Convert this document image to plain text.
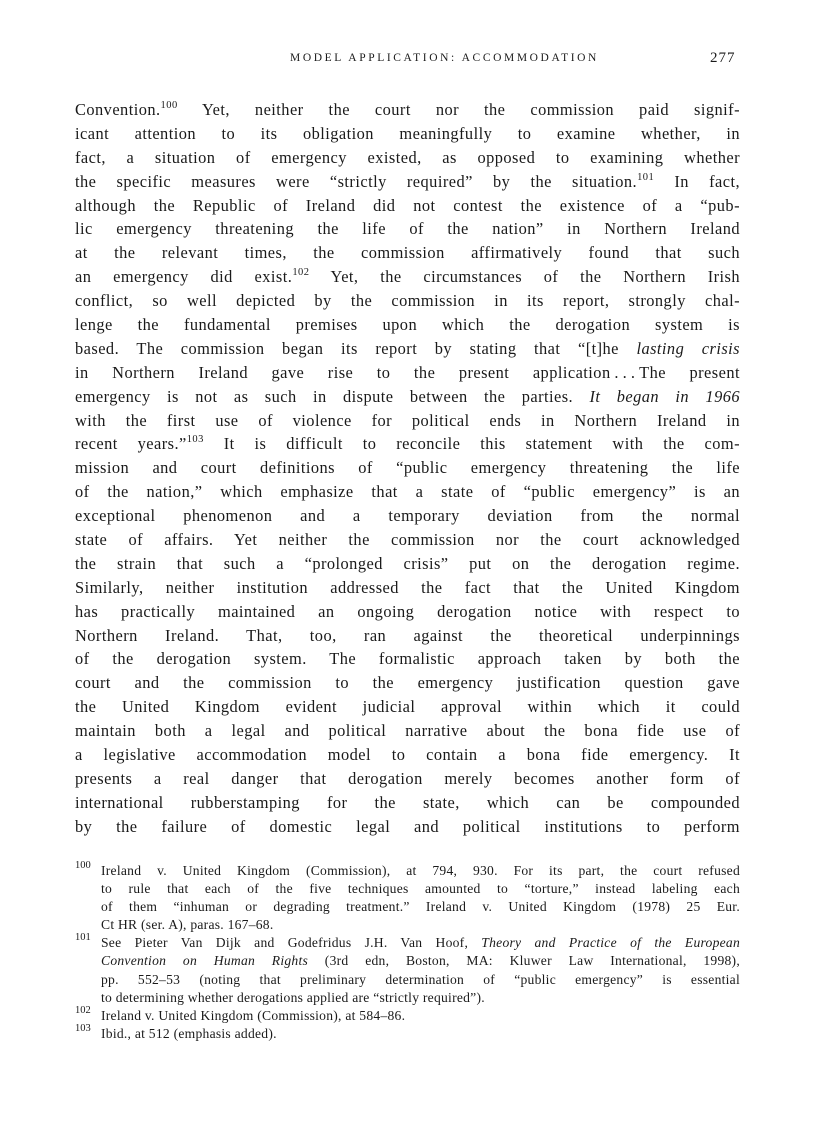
MODEL APPLICATION: ACCOMMODATION	277
Convention.$^{100}$ Yet, neither the court nor the commission paid signif-
icant attention to its obligation meaningfully to examine whether, in
fact, a situation of emergency existed, as opposed to examining whether
the specific measures were “strictly required” by the situation.$^{101}$ In fact,
although the Republic of Ireland did not contest the existence of a “pub-
lic emergency threatening the life of the nation” in Northern Ireland
at the relevant times, the commission affirmatively found that such
an emergency did exist.$^{102}$ Yet, the circumstances of the Northern Irish
conflict, so well depicted by the commission in its report, strongly chal-
lenge the fundamental premises upon which the derogation system is
based. The commission began its report by stating that “[t]he lasting crisis
in Northern Ireland gave rise to the present application . . . The present
emergency is not as such in dispute between the parties. It began in 1966
with the first use of violence for political ends in Northern Ireland in
recent years.”$^{103}$ It is difficult to reconcile this statement with the com-
mission and court definitions of “public emergency threatening the life
of the nation,” which emphasize that a state of “public emergency” is an
exceptional phenomenon and a temporary deviation from the normal
state of affairs. Yet neither the commission nor the court acknowledged
the strain that such a “prolonged crisis” put on the derogation regime.
Similarly, neither institution addressed the fact that the United Kingdom
has practically maintained an ongoing derogation notice with respect to
Northern Ireland. That, too, ran against the theoretical underpinnings
of the derogation system. The formalistic approach taken by both the
court and the commission to the emergency justification question gave
the United Kingdom evident judicial approval within which it could
maintain both a legal and political narrative about the bona fide use of
a legislative accommodation model to contain a bona fide emergency. It
presents a real danger that derogation merely becomes another form of
international rubberstamping for the state, which can be compounded
by the failure of domestic legal and political institutions to perform
100 Ireland v. United Kingdom (Commission), at 794, 930. For its part, the court refused
to rule that each of the five techniques amounted to “torture,” instead labeling each
of them “inhuman or degrading treatment.” Ireland v. United Kingdom (1978) 25 Eur.
Ct HR (ser. A), paras. 167–68.
101 See Pieter Van Dijk and Godefridus J.H. Van Hoof, Theory and Practice of the European
Convention on Human Rights (3rd edn, Boston, MA: Kluwer Law International, 1998),
pp. 552–53 (noting that preliminary determination of “public emergency” is essential
to determining whether derogations applied are “strictly required”).
102 Ireland v. United Kingdom (Commission), at 584–86.
103 Ibid., at 512 (emphasis added).
